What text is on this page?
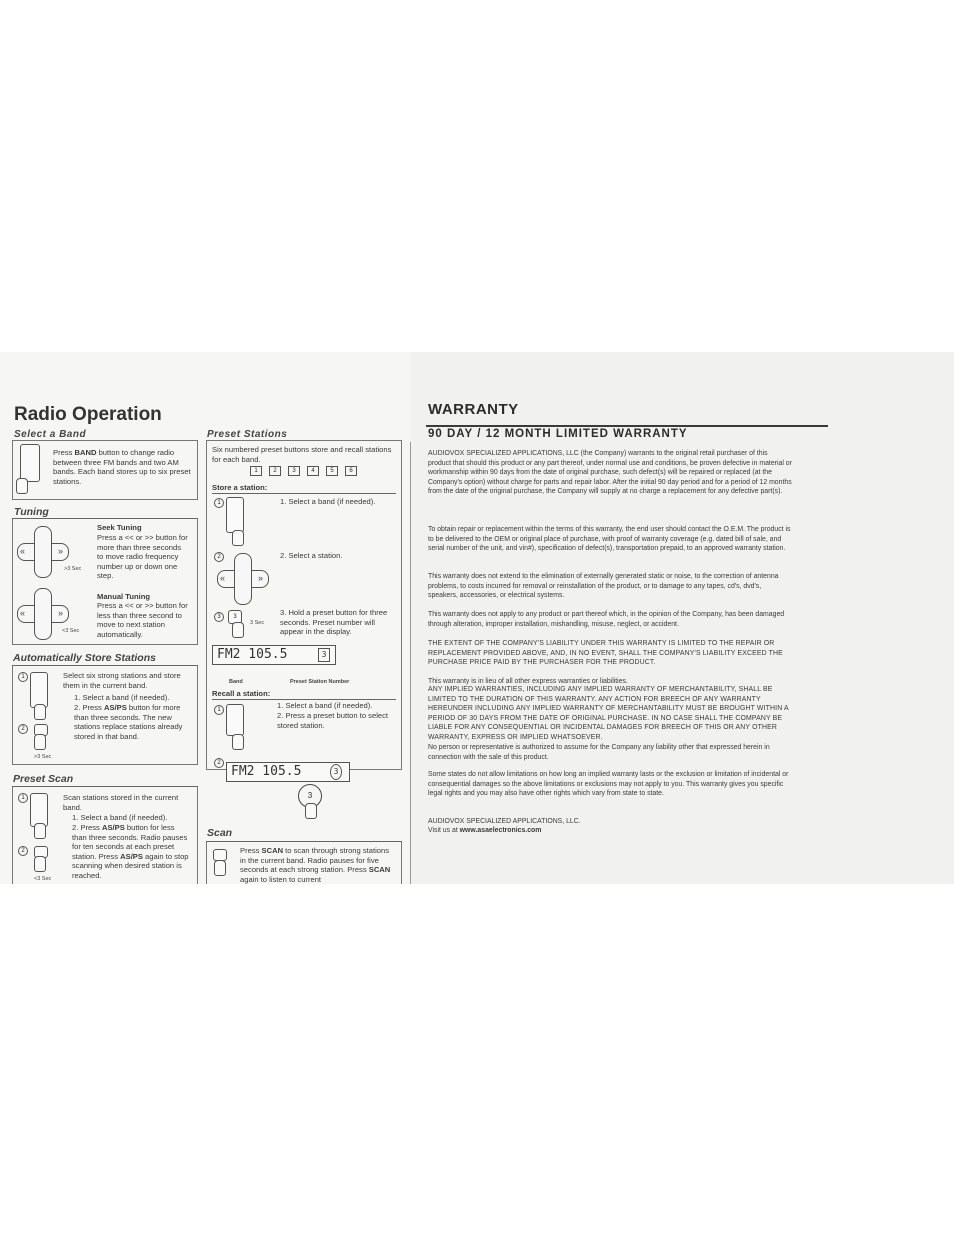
Radio Operation
Select a Band
Press BAND button to change radio between three FM bands and two AM bands. Each band stores up to six preset stations.
Tuning
«	»
>3 Sec
Seek Tuning
Press a << or >> button for more than three seconds to move radio frequency number up or down one step.
«	»
<3 Sec
Manual Tuning
Press a << or >> button for less than three second to move to next station automatically.
Automatically Store Stations
1	Select six strong stations and store them in the current band.
1. Select a band (if needed).
2. Press AS/PS button for more than three seconds. The new stations replace stations already stored in that band.
2
>3 Sec
Preset Scan
1	Scan stations stored in the current band.
1. Select a band (if needed).
2. Press AS/PS button for less than three seconds. Radio pauses for ten seconds at each preset station. Press AS/PS again to stop scanning when desired station is reached.
2
<3 Sec
Preset Stations
Six numbered preset buttons store and recall stations for each band.
1	2	3	4	5	6
Store a station:
1	1. Select a band (if needed).
2
«	»
2. Select a station.
3	3
3 Sec
3. Hold a preset button for three seconds. Preset number will appear in the display.
FM2 105.5	3
Band	Preset Station Number
Recall a station:
1	1. Select a band (if needed).
2. Press a preset button to select stored station.
2
FM2 105.5	3
3
Scan
Press SCAN to scan through strong stations in the current band. Radio pauses for five seconds at each strong station. Press SCAN again to listen to current
WARRANTY
90 DAY / 12 MONTH LIMITED WARRANTY

AUDIOVOX SPECIALIZED APPLICATIONS, LLC (the Company) warrants to the original retail purchaser of this product that should this product or any part thereof, under normal use and conditions, be proven defective in material or workmanship within 90 days from the date of original purchase, such defect(s) will be repaired or replaced (at the Company's option) without charge for parts and repair labor. After the initial 90 day period and for a period of 12 months from the date of the original purchase, the Company will supply at no charge a replacement for any defective part(s).

To obtain repair or replacement within the terms of this warranty, the end user should contact the O.E.M. The product is to be delivered to the OEM or original place of purchase, with proof of warranty coverage (e.g. dated bill of sale, and serial number of the unit, and vin#), specification of defect(s), transportation prepaid, to an approved warranty station.

This warranty does not extend to the elimination of externally generated static or noise, to the correction of antenna problems, to costs incurred for removal or reinstallation of the product, or to damage to any tapes, cd's, dvd's, speakers, accessories, or electrical systems.

This warranty does not apply to any product or part thereof which, in the opinion of the Company, has been damaged through alteration, improper installation, mishandling, misuse, neglect, or accident.

THE EXTENT OF THE COMPANY'S LIABILITY UNDER THIS WARRANTY IS LIMITED TO THE REPAIR OR REPLACEMENT PROVIDED ABOVE, AND, IN NO EVENT, SHALL THE COMPANY'S LIABILITY EXCEED THE PURCHASE PRICE PAID BY THE PURCHASER FOR THE PRODUCT.

This warranty is in lieu of all other express warranties or liabilities.

ANY IMPLIED WARRANTIES, INCLUDING ANY IMPLIED WARRANTY OF MERCHANTABILITY, SHALL BE LIMITED TO THE DURATION OF THIS WARRANTY. ANY ACTION FOR BREECH OF ANY WARRANTY HEREUNDER INCLUDING ANY IMPLIED WARRANTY OF MERCHANTABILITY MUST BE BROUGHT WITHIN A PERIOD OF 30 DAYS FROM THE DATE OF ORIGINAL PURCHASE. IN NO CASE SHALL THE COMPANY BE LIABLE FOR ANY CONSEQUENTIAL OR INCIDENTAL DAMAGES FOR BREECH OF THIS OR ANY OTHER WARRANTY, EXPRESS OR IMPLIED WHATSOEVER.

No person or representative is authorized to assume for the Company any liability other that expressed herein in connection with the sale of this product.

Some states do not allow limitations on how long an implied warranty lasts or the exclusion or limitation of incidental or consequential damages so the above limitations or exclusions may not apply to you. This warranty gives you specific legal rights and you may also have other rights which vary from state to state.

AUDIOVOX SPECIALIZED APPLICATIONS, LLC.

Visit us at www.asaelectronics.com
